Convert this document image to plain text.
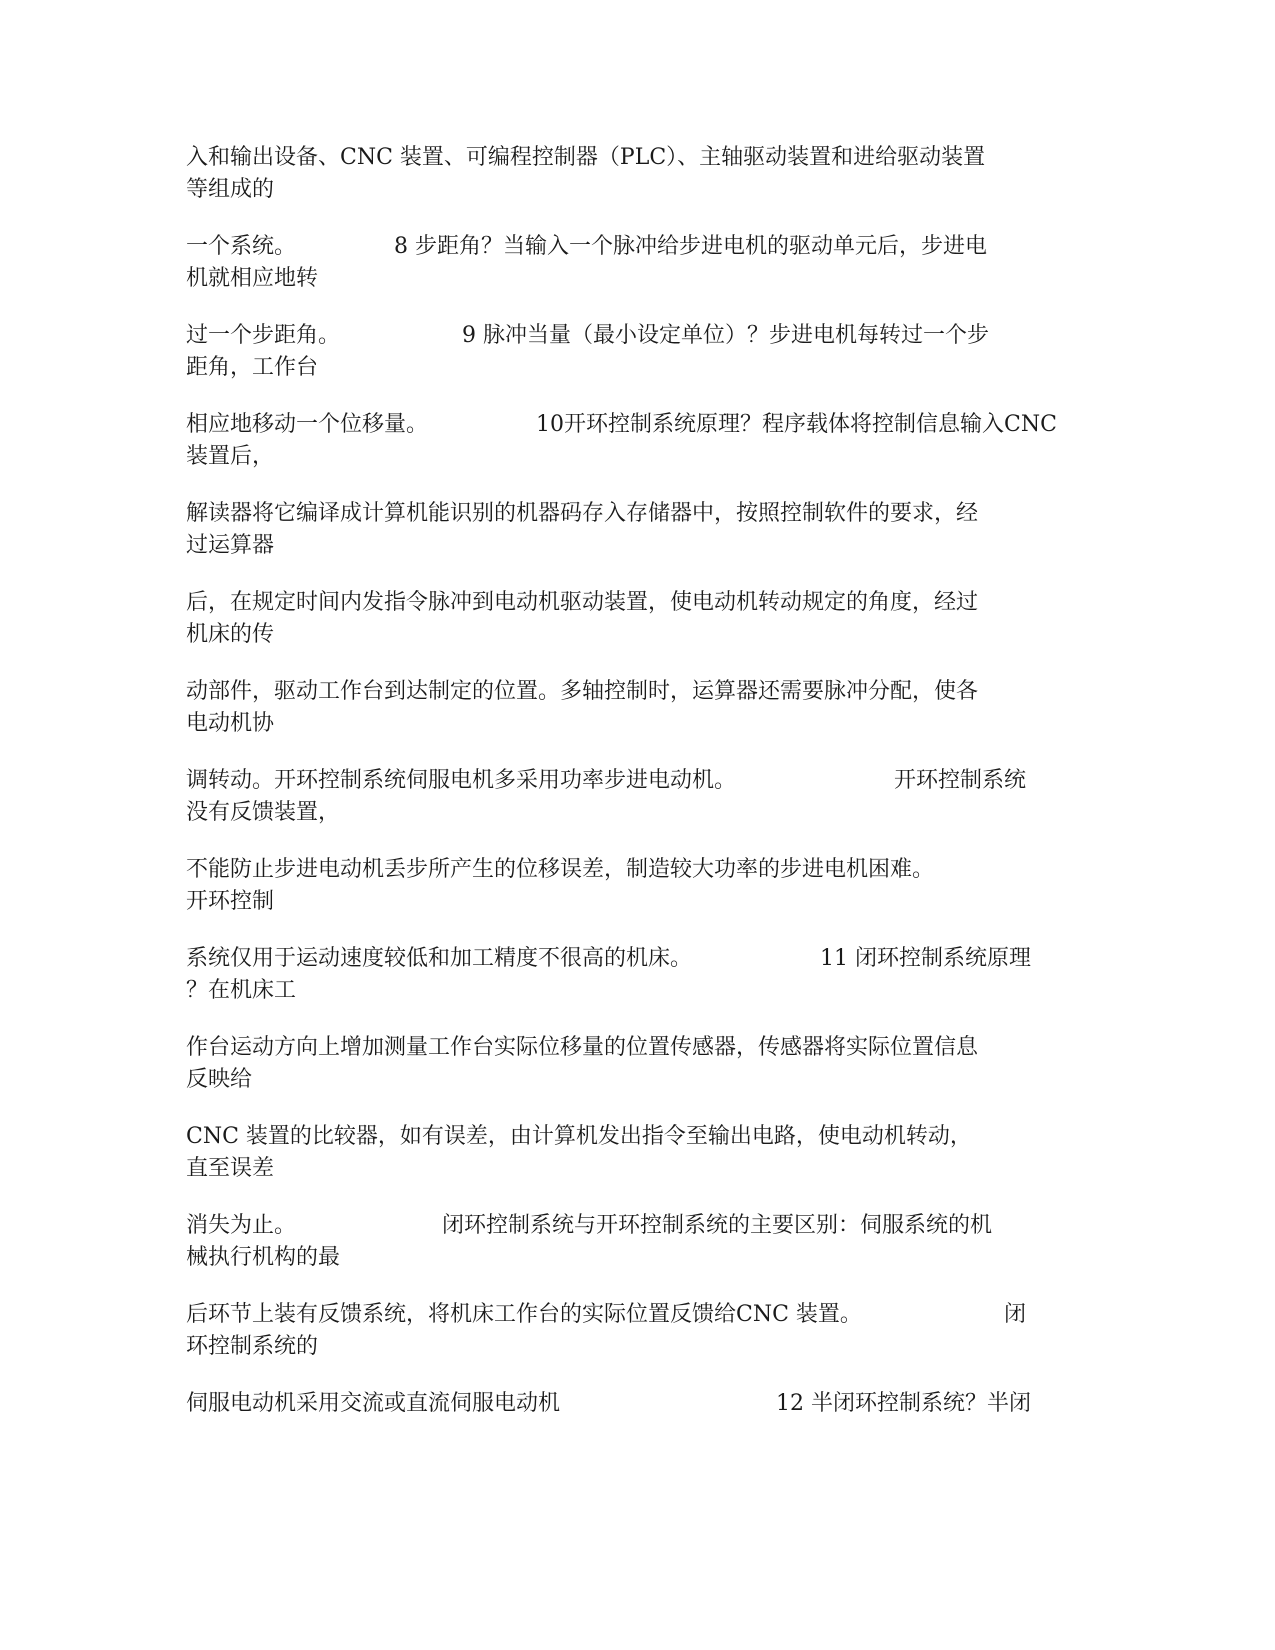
入和输出设备、CNC 装置、可编程控制器（PLC）、主轴驱动装置和进给驱动装置
等组成的
一个系统。	8 步距角？当输入一个脉冲给步进电机的驱动单元后，步进电
机就相应地转
过一个步距角。	9 脉冲当量（最小设定单位）？步进电机每转过一个步
距角，工作台
相应地移动一个位移量。	10开环控制系统原理？程序载体将控制信息输入CNC
装置后，
解读器将它编译成计算机能识别的机器码存入存储器中，按照控制软件的要求，经
过运算器
后，在规定时间内发指令脉冲到电动机驱动装置，使电动机转动规定的角度，经过
机床的传
动部件，驱动工作台到达制定的位置。多轴控制时，运算器还需要脉冲分配，使各
电动机协
调转动。开环控制系统伺服电机多采用功率步进电动机。	开环控制系统
没有反馈装置，
不能防止步进电动机丢步所产生的位移误差，制造较大功率的步进电机困难。
开环控制
系统仅用于运动速度较低和加工精度不很高的机床。	11 闭环控制系统原理
？在机床工
作台运动方向上增加测量工作台实际位移量的位置传感器，传感器将实际位置信息
反映给
CNC 装置的比较器，如有误差，由计算机发出指令至输出电路，使电动机转动，
直至误差
消失为止。	闭环控制系统与开环控制系统的主要区别：伺服系统的机
械执行机构的最
后环节上装有反馈系统，将机床工作台的实际位置反馈给CNC 装置。	闭
环控制系统的
伺服电动机采用交流或直流伺服电动机	12 半闭环控制系统？半闭
